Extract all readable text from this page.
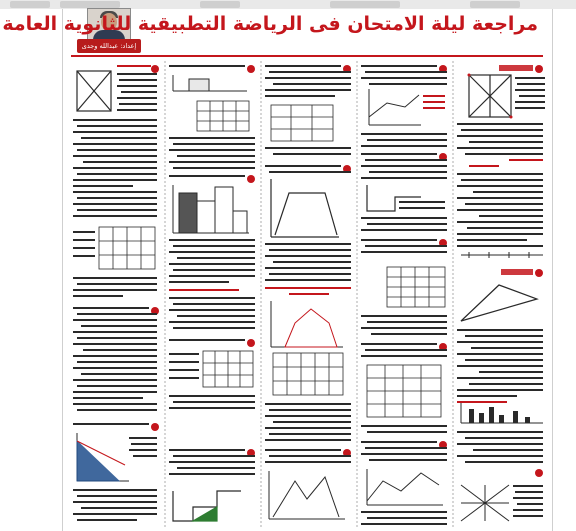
إعداد: عبدالله وجدى
مراجعة ليلة الامتحان فى الرياضة التطبيقية للثانوية العامة
